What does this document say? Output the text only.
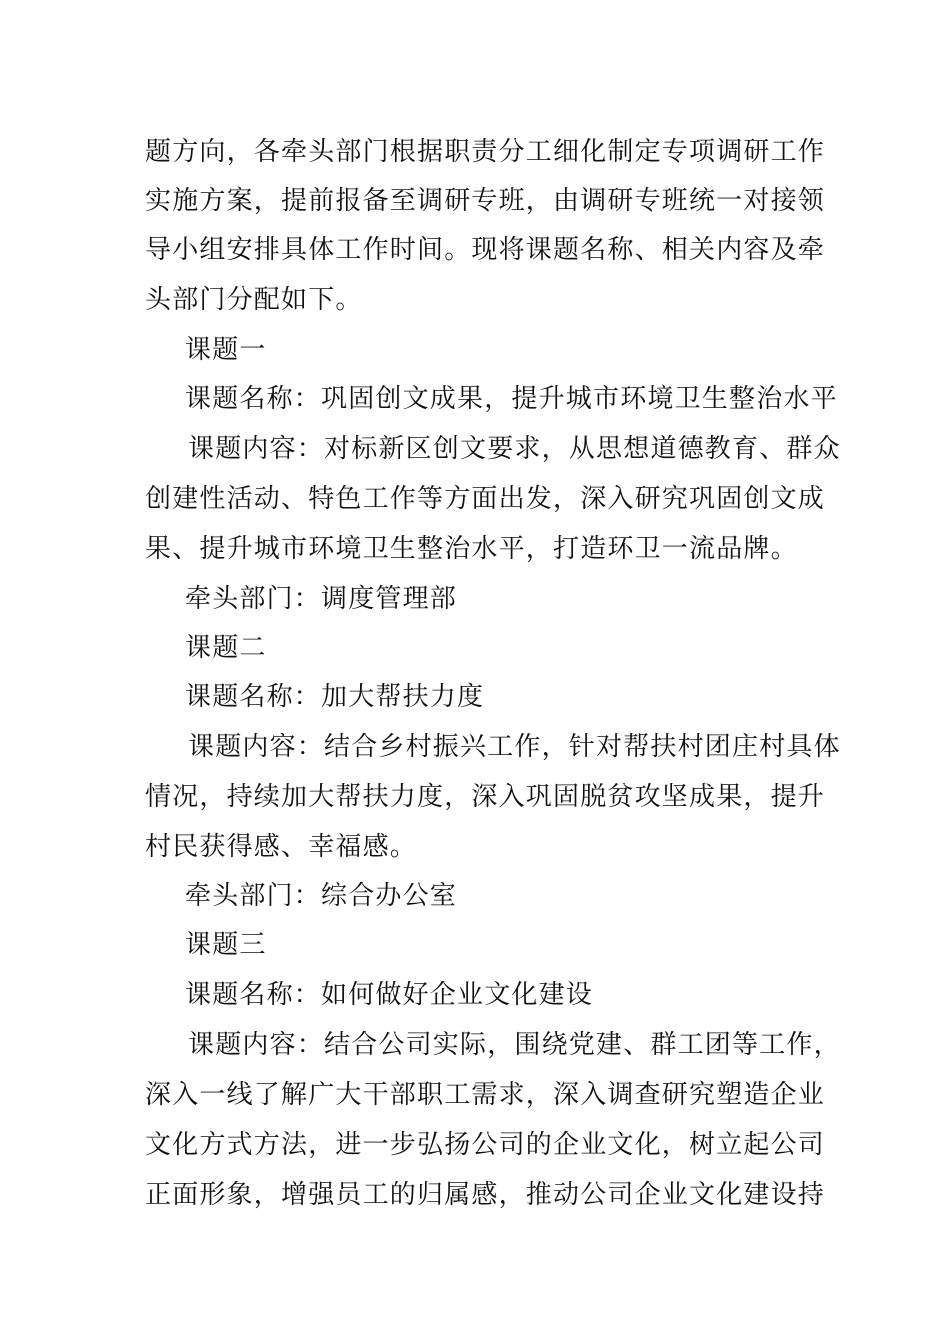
题方向，各牵头部门根据职责分工细化制定专项调研工作
实施方案，提前报备至调研专班，由调研专班统一对接领
导小组安排具体工作时间。现将课题名称、相关内容及牵
头部门分配如下。
课题一
课题名称：巩固创文成果，提升城市环境卫生整治水平
课题内容：对标新区创文要求，从思想道德教育、群众
创建性活动、特色工作等方面出发，深入研究巩固创文成
果、提升城市环境卫生整治水平，打造环卫一流品牌。
牵头部门：调度管理部
课题二
课题名称：加大帮扶力度
课题内容：结合乡村振兴工作，针对帮扶村团庄村具体
情况，持续加大帮扶力度，深入巩固脱贫攻坚成果，提升
村民获得感、幸福感。
牵头部门：综合办公室
课题三
课题名称：如何做好企业文化建设
课题内容：结合公司实际，围绕党建、群工团等工作，
深入一线了解广大干部职工需求，深入调查研究塑造企业
文化方式方法，进一步弘扬公司的企业文化，树立起公司
正面形象，增强员工的归属感，推动公司企业文化建设持
